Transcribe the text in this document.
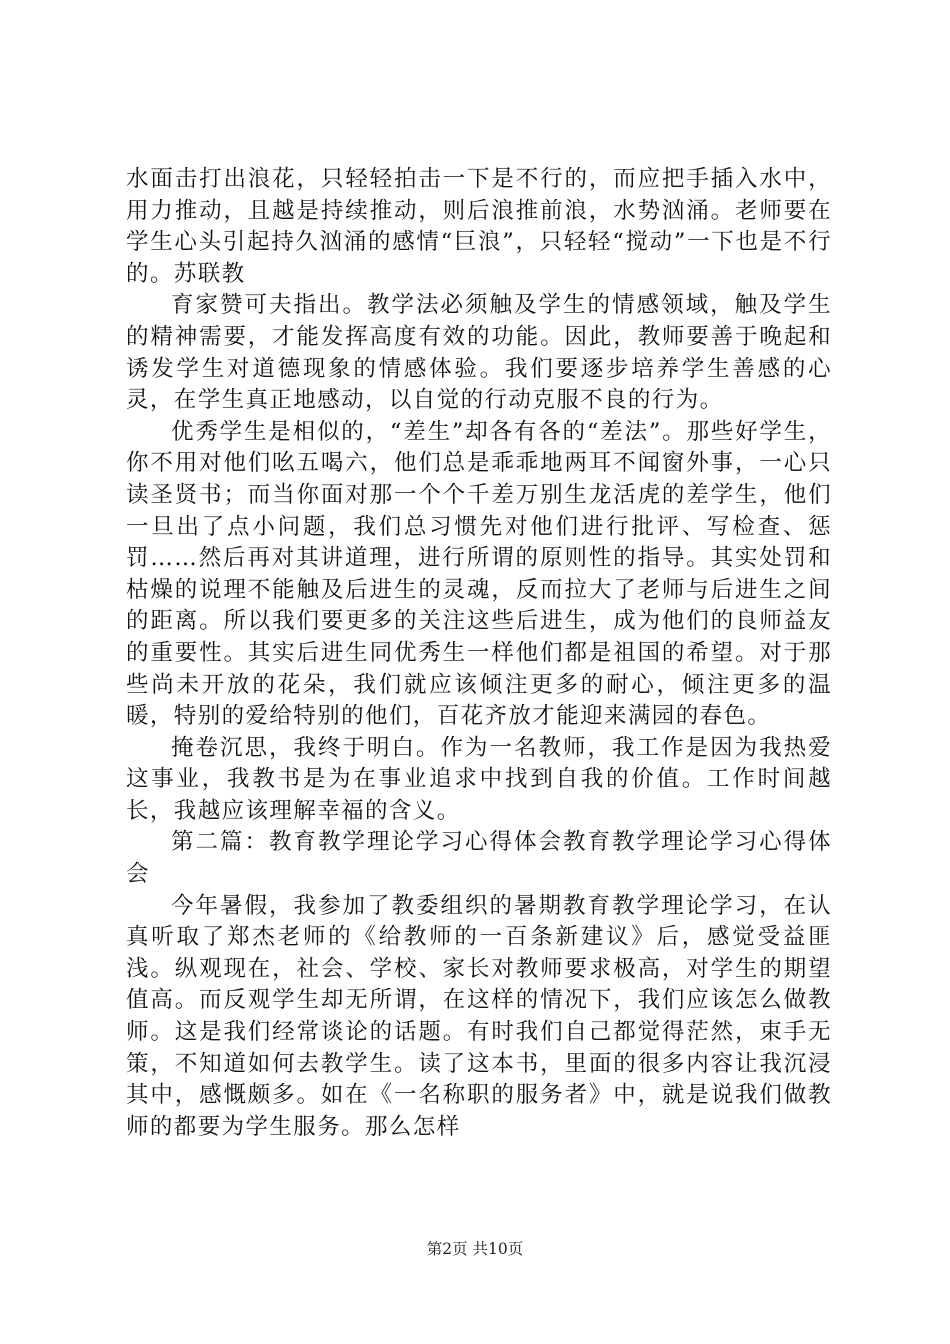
水面击打出浪花，只轻轻拍击一下是不行的，而应把手插入水中，用力推动，且越是持续推动，则后浪推前浪，水势汹涌。老师要在学生心头引起持久汹涌的感情“巨浪”，只轻轻“搅动”一下也是不行的。苏联教

育家赞可夫指出。教学法必须触及学生的情感领域，触及学生的精神需要，才能发挥高度有效的功能。因此，教师要善于晚起和诱发学生对道德现象的情感体验。我们要逐步培养学生善感的心灵，在学生真正地感动，以自觉的行动克服不良的行为。

优秀学生是相似的，“差生”却各有各的“差法”。那些好学生，你不用对他们吆五喝六，他们总是乖乖地两耳不闻窗外事，一心只读圣贤书；而当你面对那一个个千差万别生龙活虎的差学生，他们一旦出了点小问题，我们总习惯先对他们进行批评、写检查、惩罚……然后再对其讲道理，进行所谓的原则性的指导。其实处罚和枯燥的说理不能触及后进生的灵魂，反而拉大了老师与后进生之间的距离。所以我们要更多的关注这些后进生，成为他们的良师益友的重要性。其实后进生同优秀生一样他们都是祖国的希望。对于那些尚未开放的花朵，我们就应该倾注更多的耐心，倾注更多的温暖，特别的爱给特别的他们，百花齐放才能迎来满园的春色。

掩卷沉思，我终于明白。作为一名教师，我工作是因为我热爱这事业，我教书是为在事业追求中找到自我的价值。工作时间越长，我越应该理解幸福的含义。

第二篇：教育教学理论学习心得体会教育教学理论学习心得体会

今年暑假，我参加了教委组织的暑期教育教学理论学习，在认真听取了郑杰老师的《给教师的一百条新建议》后，感觉受益匪浅。纵观现在，社会、学校、家长对教师要求极高，对学生的期望值高。而反观学生却无所谓，在这样的情况下，我们应该怎么做教师。这是我们经常谈论的话题。有时我们自己都觉得茫然，束手无策，不知道如何去教学生。读了这本书，里面的很多内容让我沉浸其中，感慨颇多。如在《一名称职的服务者》中，就是说我们做教师的都要为学生服务。那么怎样

第2页 共10页
